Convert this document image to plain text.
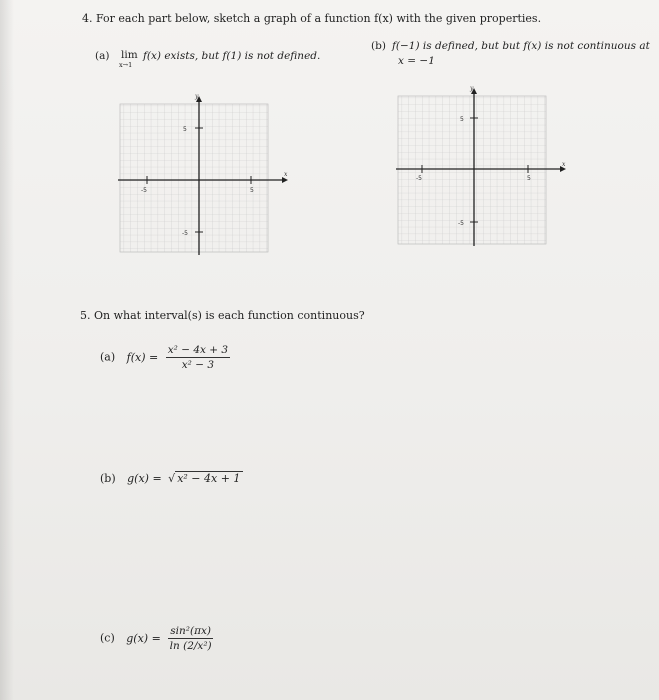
4. For each part below, sketch a graph of a function f(x) with the given properties.
(a) lim
x→1
f(x) exists, but f(1) is not defined.
(b) f(−1) is defined, but but f(x) is not continuous at
x = −1
y
x
5
-5
-5	5
y
x
5
-5
-5	5
5. On what interval(s) is each function continuous?
(a) $f(x) = \frac{\text{x² − 4x + 3}}{\text{x² − 3}}$
(b) g(x) = √ x² − 4x + 1
(c) $g(x) = \frac{\text{sin²(πx)}}{\text{ln (2/x²)}}$
